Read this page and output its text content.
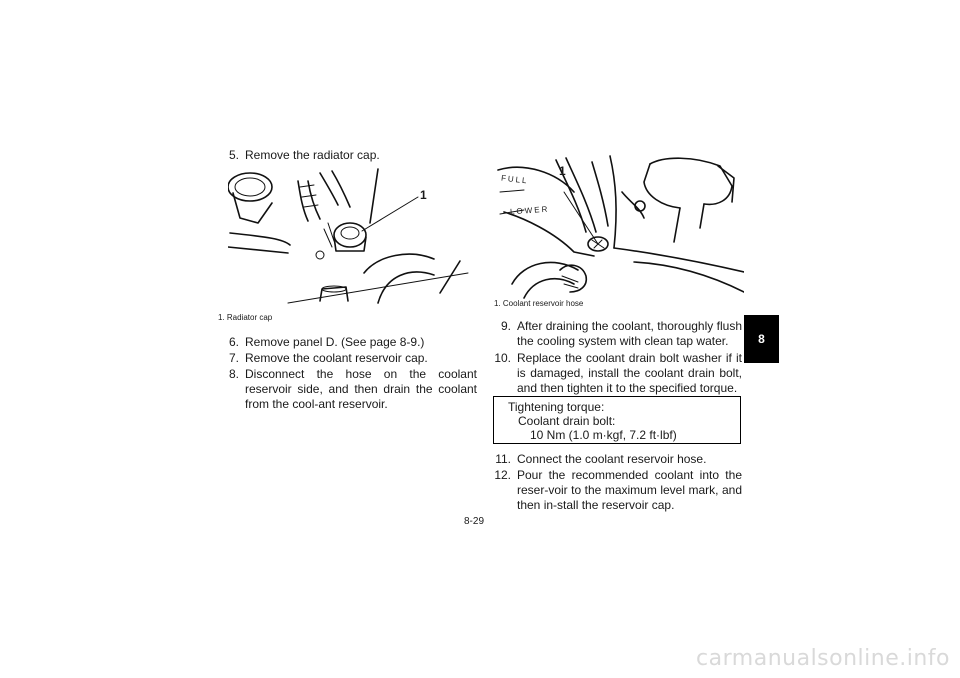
5. Remove the radiator cap.
1
1. Radiator cap
6. Remove panel D. (See page 8-9.)
7. Remove the coolant reservoir cap.
8. Disconnect the hose on the coolant reservoir side, and then drain the coolant from the cool-ant reservoir.
1
FULL
LOWER
1. Coolant reservoir hose
9. After draining the coolant, thoroughly flush the cooling system with clean tap water.
10. Replace the coolant drain bolt washer if it is damaged, install the coolant drain bolt, and then tighten it to the specified torque.
Tightening torque:
Coolant drain bolt:
10 Nm (1.0 m·kgf, 7.2 ft·lbf)
11. Connect the coolant reservoir hose.
12. Pour the recommended coolant into the reser-voir to the maximum level mark, and then in-stall the reservoir cap.
8
8-29
carmanualsonline.info
